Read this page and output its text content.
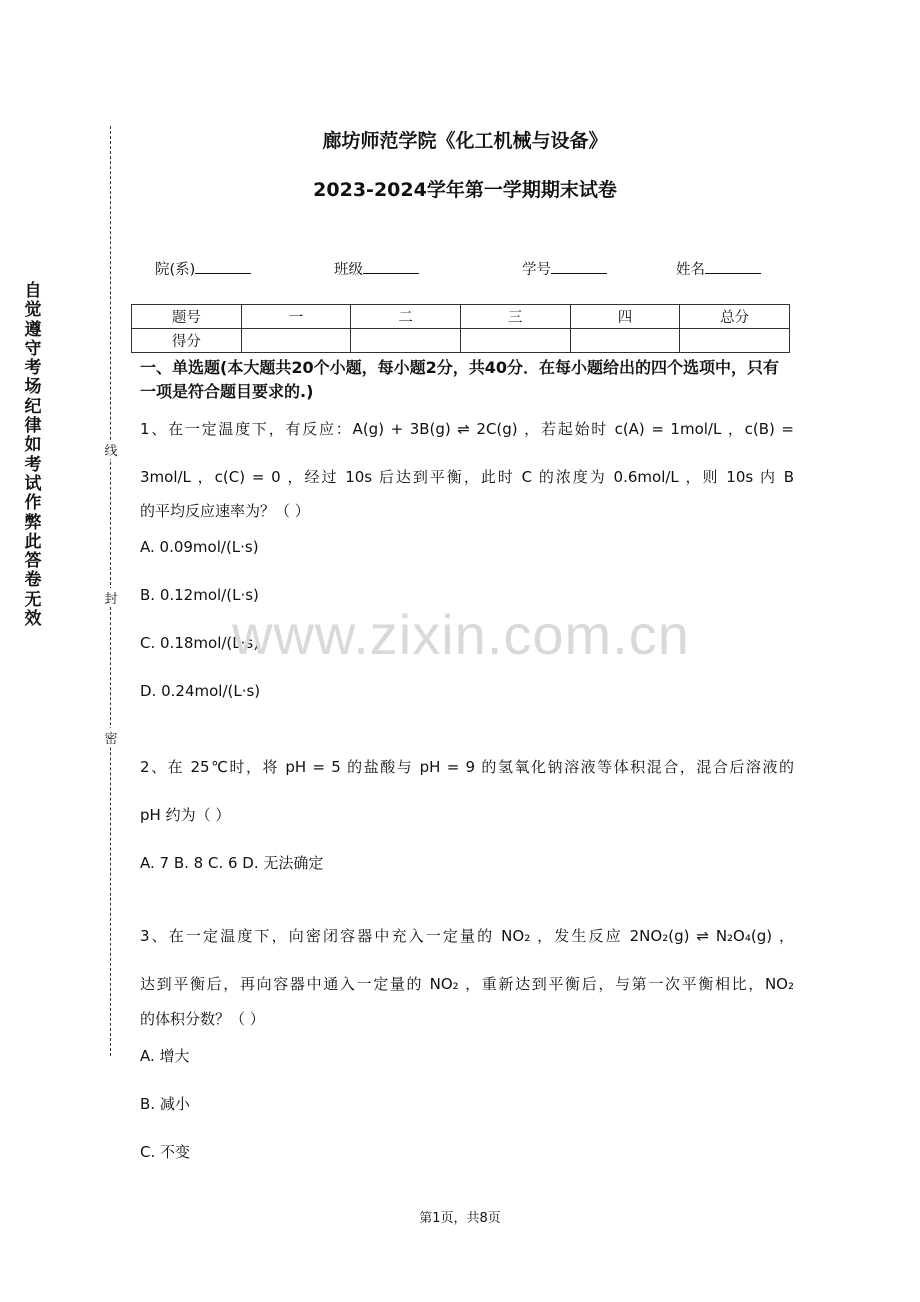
自
觉
遵
守
考
场
纪
律
如
考
试
作
弊
此
答
卷
无
效
线
封
密
廊坊师范学院《化工机械与设备》
2023-2024学年第一学期期末试卷
院(系)	班级	学号	姓名
题号	一	二	三	四	总分
得分					
一、单选题(本大题共20个小题，每小题2分，共40分．在每小题给出的四个选项中，只有一项是符合题目要求的.)
1、在一定温度下，有反应：A(g) + 3B(g) ⇌ 2C(g) ，若起始时 c(A) = 1mol/L ，c(B) =
3mol/L ，c(C) = 0 ，经过 10s 后达到平衡，此时 C 的浓度为 0.6mol/L ，则 10s 内 B
的平均反应速率为？（ ）
A. 0.09mol/(L·s)
B. 0.12mol/(L·s)
C. 0.18mol/(L·s)
D. 0.24mol/(L·s)
2、在 25℃时，将 pH = 5 的盐酸与 pH = 9 的氢氧化钠溶液等体积混合，混合后溶液的
pH 约为（ ）
A. 7 B. 8 C. 6 D. 无法确定
3、在一定温度下，向密闭容器中充入一定量的 NO₂ ，发生反应 2NO₂(g) ⇌ N₂O₄(g) ，
达到平衡后，再向容器中通入一定量的 NO₂ ，重新达到平衡后，与第一次平衡相比，NO₂
的体积分数？（ ）
A. 增大
B. 减小
C. 不变
www.zixin.com.cn
第1页，共8页
